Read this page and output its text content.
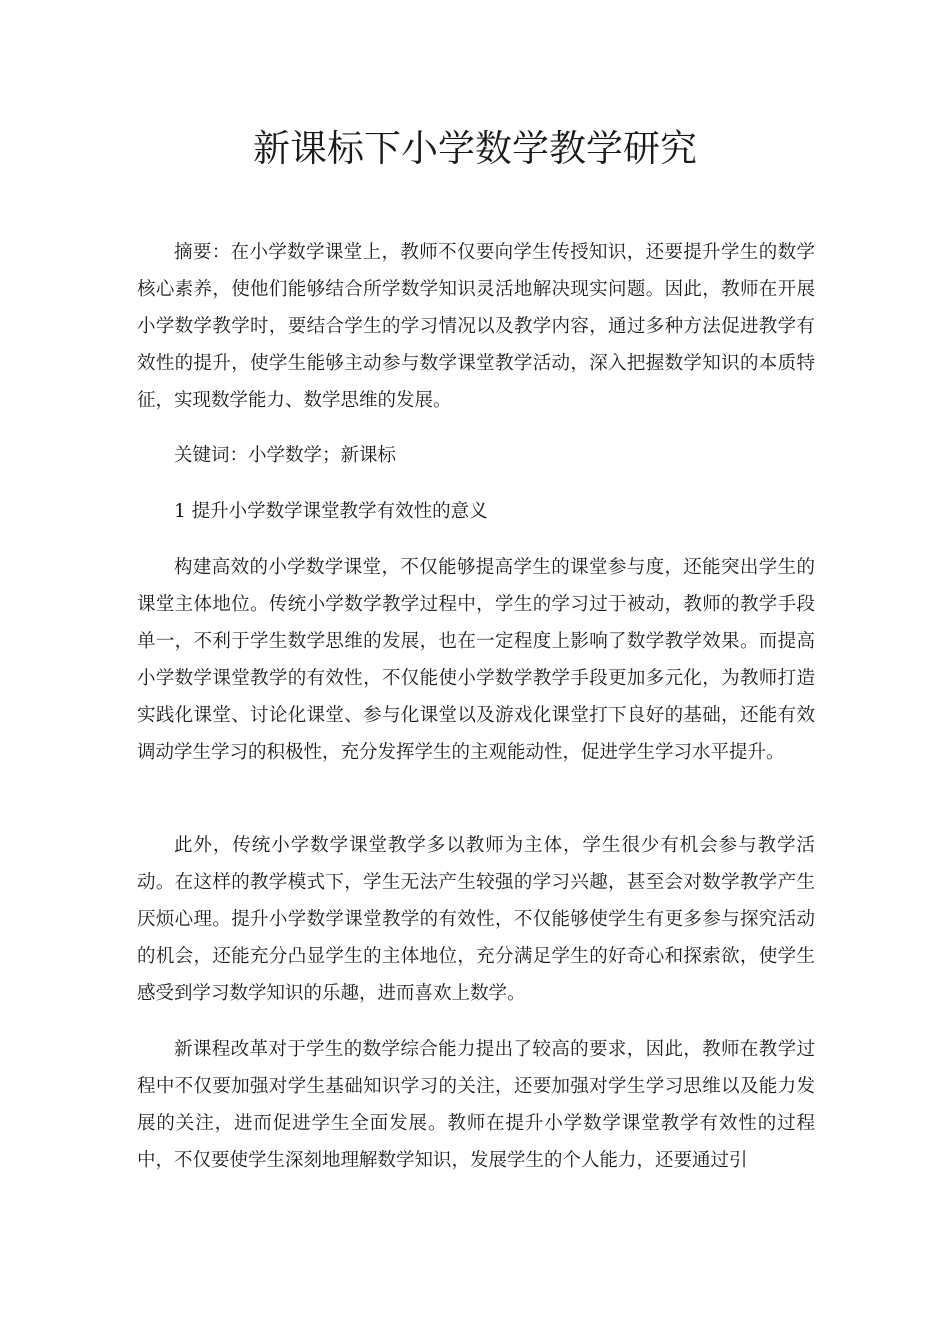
新课标下小学数学教学研究

摘要：在小学数学课堂上，教师不仅要向学生传授知识，还要提升学生的数学核心素养，使他们能够结合所学数学知识灵活地解决现实问题。因此，教师在开展小学数学教学时，要结合学生的学习情况以及教学内容，通过多种方法促进教学有效性的提升，使学生能够主动参与数学课堂教学活动，深入把握数学知识的本质特征，实现数学能力、数学思维的发展。

关键词：小学数学；新课标

1 提升小学数学课堂教学有效性的意义

构建高效的小学数学课堂，不仅能够提高学生的课堂参与度，还能突出学生的课堂主体地位。传统小学数学教学过程中，学生的学习过于被动，教师的教学手段单一，不利于学生数学思维的发展，也在一定程度上影响了数学教学效果。而提高小学数学课堂教学的有效性，不仅能使小学数学教学手段更加多元化，为教师打造实践化课堂、讨论化课堂、参与化课堂以及游戏化课堂打下良好的基础，还能有效调动学生学习的积极性，充分发挥学生的主观能动性，促进学生学习水平提升。

此外，传统小学数学课堂教学多以教师为主体，学生很少有机会参与教学活动。在这样的教学模式下，学生无法产生较强的学习兴趣，甚至会对数学教学产生厌烦心理。提升小学数学课堂教学的有效性，不仅能够使学生有更多参与探究活动的机会，还能充分凸显学生的主体地位，充分满足学生的好奇心和探索欲，使学生感受到学习数学知识的乐趣，进而喜欢上数学。

新课程改革对于学生的数学综合能力提出了较高的要求，因此，教师在教学过程中不仅要加强对学生基础知识学习的关注，还要加强对学生学习思维以及能力发展的关注，进而促进学生全面发展。教师在提升小学数学课堂教学有效性的过程中，不仅要使学生深刻地理解数学知识，发展学生的个人能力，还要通过引
